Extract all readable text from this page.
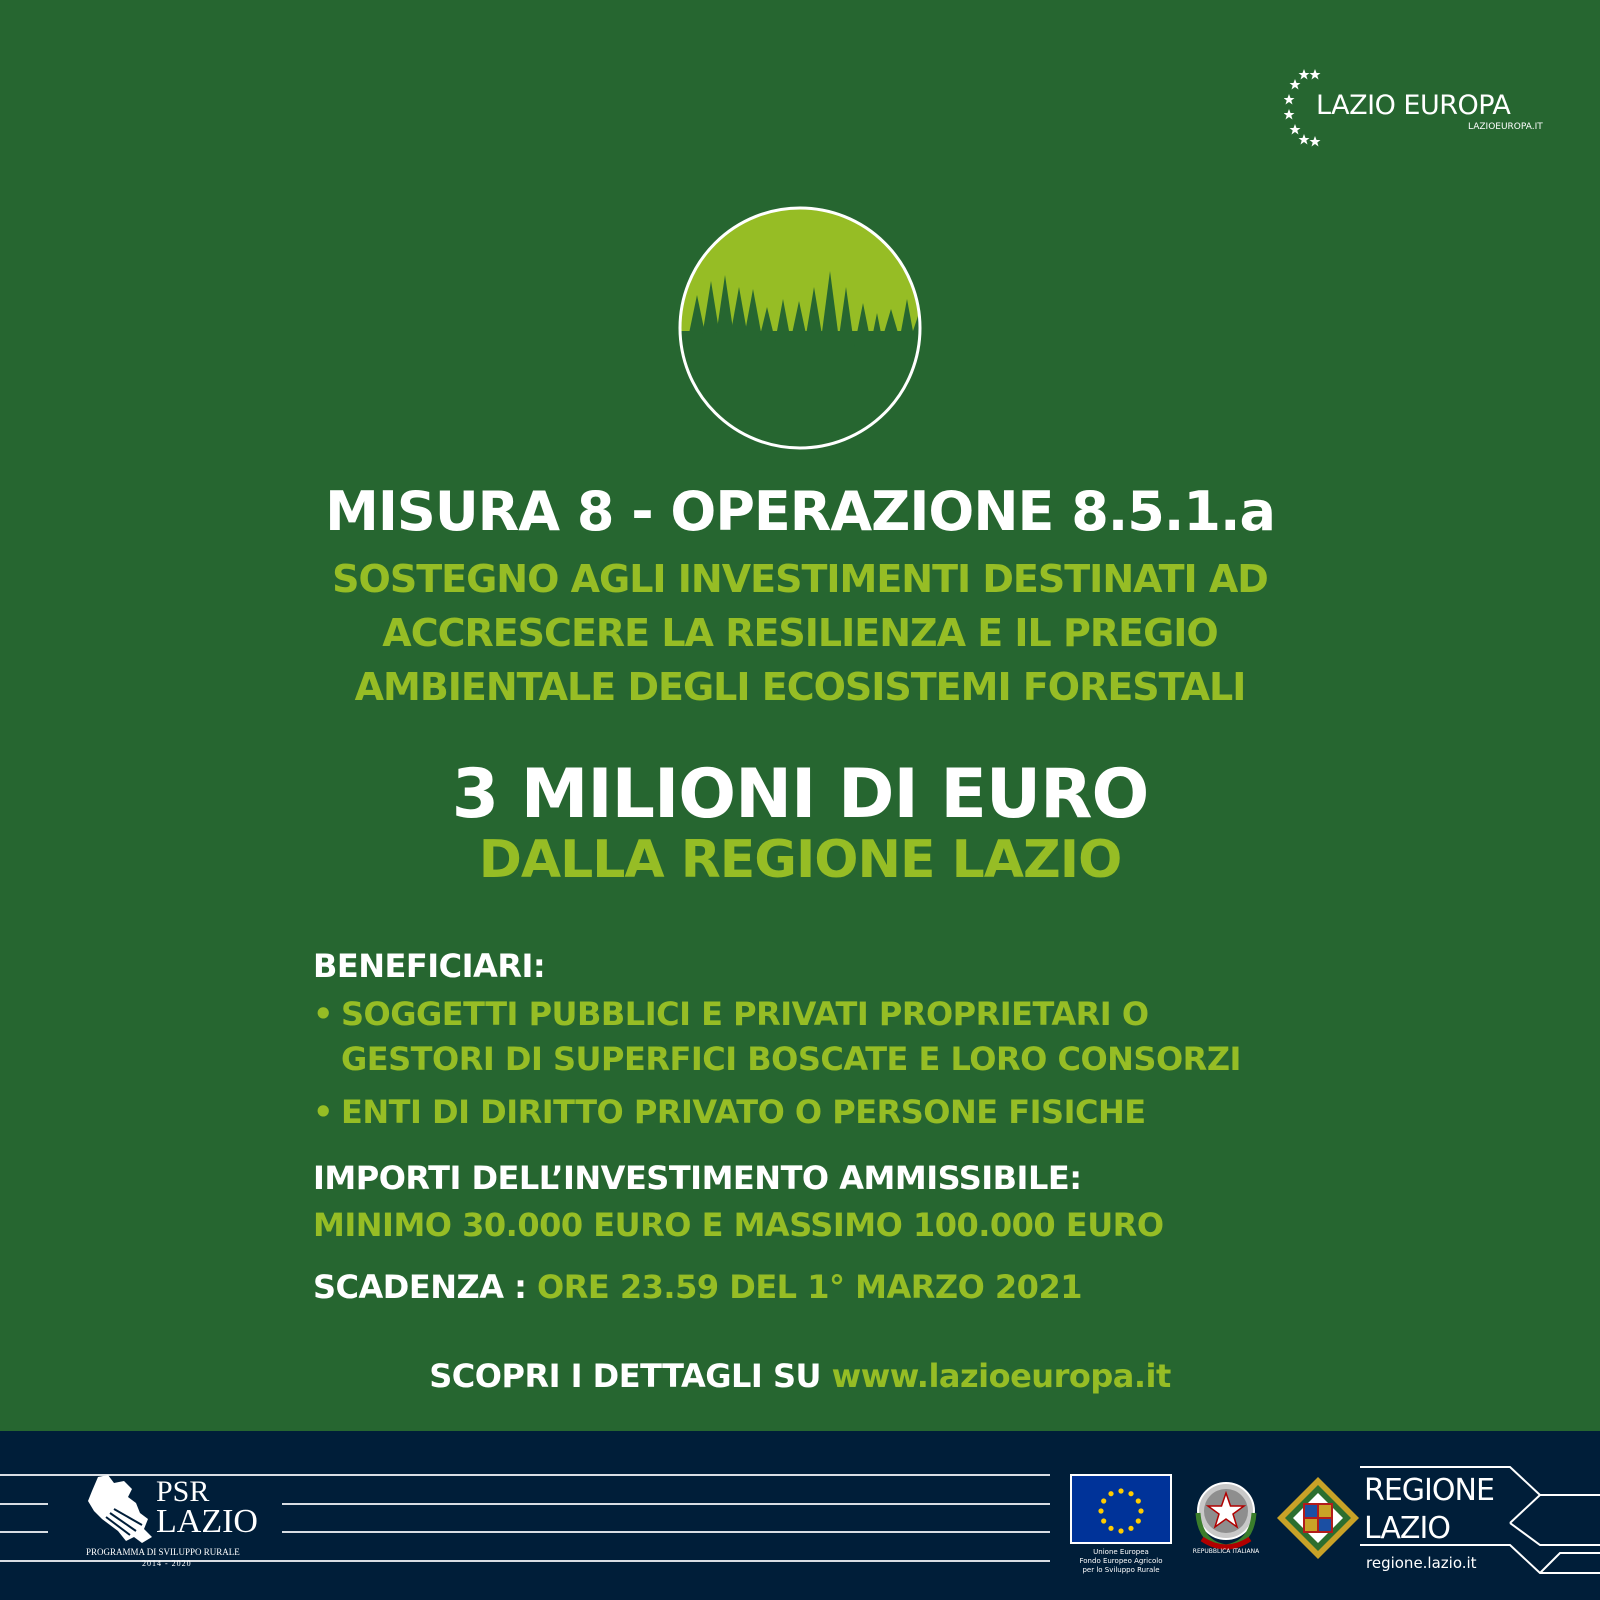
LAZIO EUROPA
LAZIOEUROPA.IT
MISURA 8 - OPERAZIONE 8.5.1.a
SOSTEGNO AGLI INVESTIMENTI DESTINATI AD
ACCRESCERE LA RESILIENZA E IL PREGIO
AMBIENTALE DEGLI ECOSISTEMI FORESTALI
3 MILIONI DI EURO
DALLA REGIONE LAZIO
BENEFICIARI:
• SOGGETTI PUBBLICI E PRIVATI PROPRIETARI O
GESTORI DI SUPERFICI BOSCATE E LORO CONSORZI
• ENTI DI DIRITTO PRIVATO O PERSONE FISICHE
IMPORTI DELL’INVESTIMENTO AMMISSIBILE:
MINIMO 30.000 EURO E MASSIMO 100.000 EURO
SCADENZA : ORE 23.59 DEL 1° MARZO 2021
SCOPRI I DETTAGLI SU www.lazioeuropa.it
PSR
LAZIO
PROGRAMMA DI SVILUPPO RURALE
2014 - 2020
Unione Europea
Fondo Europeo Agricolo
per lo Sviluppo Rurale
REPUBBLICA ITALIANA
REGIONE
LAZIO
regione.lazio.it
